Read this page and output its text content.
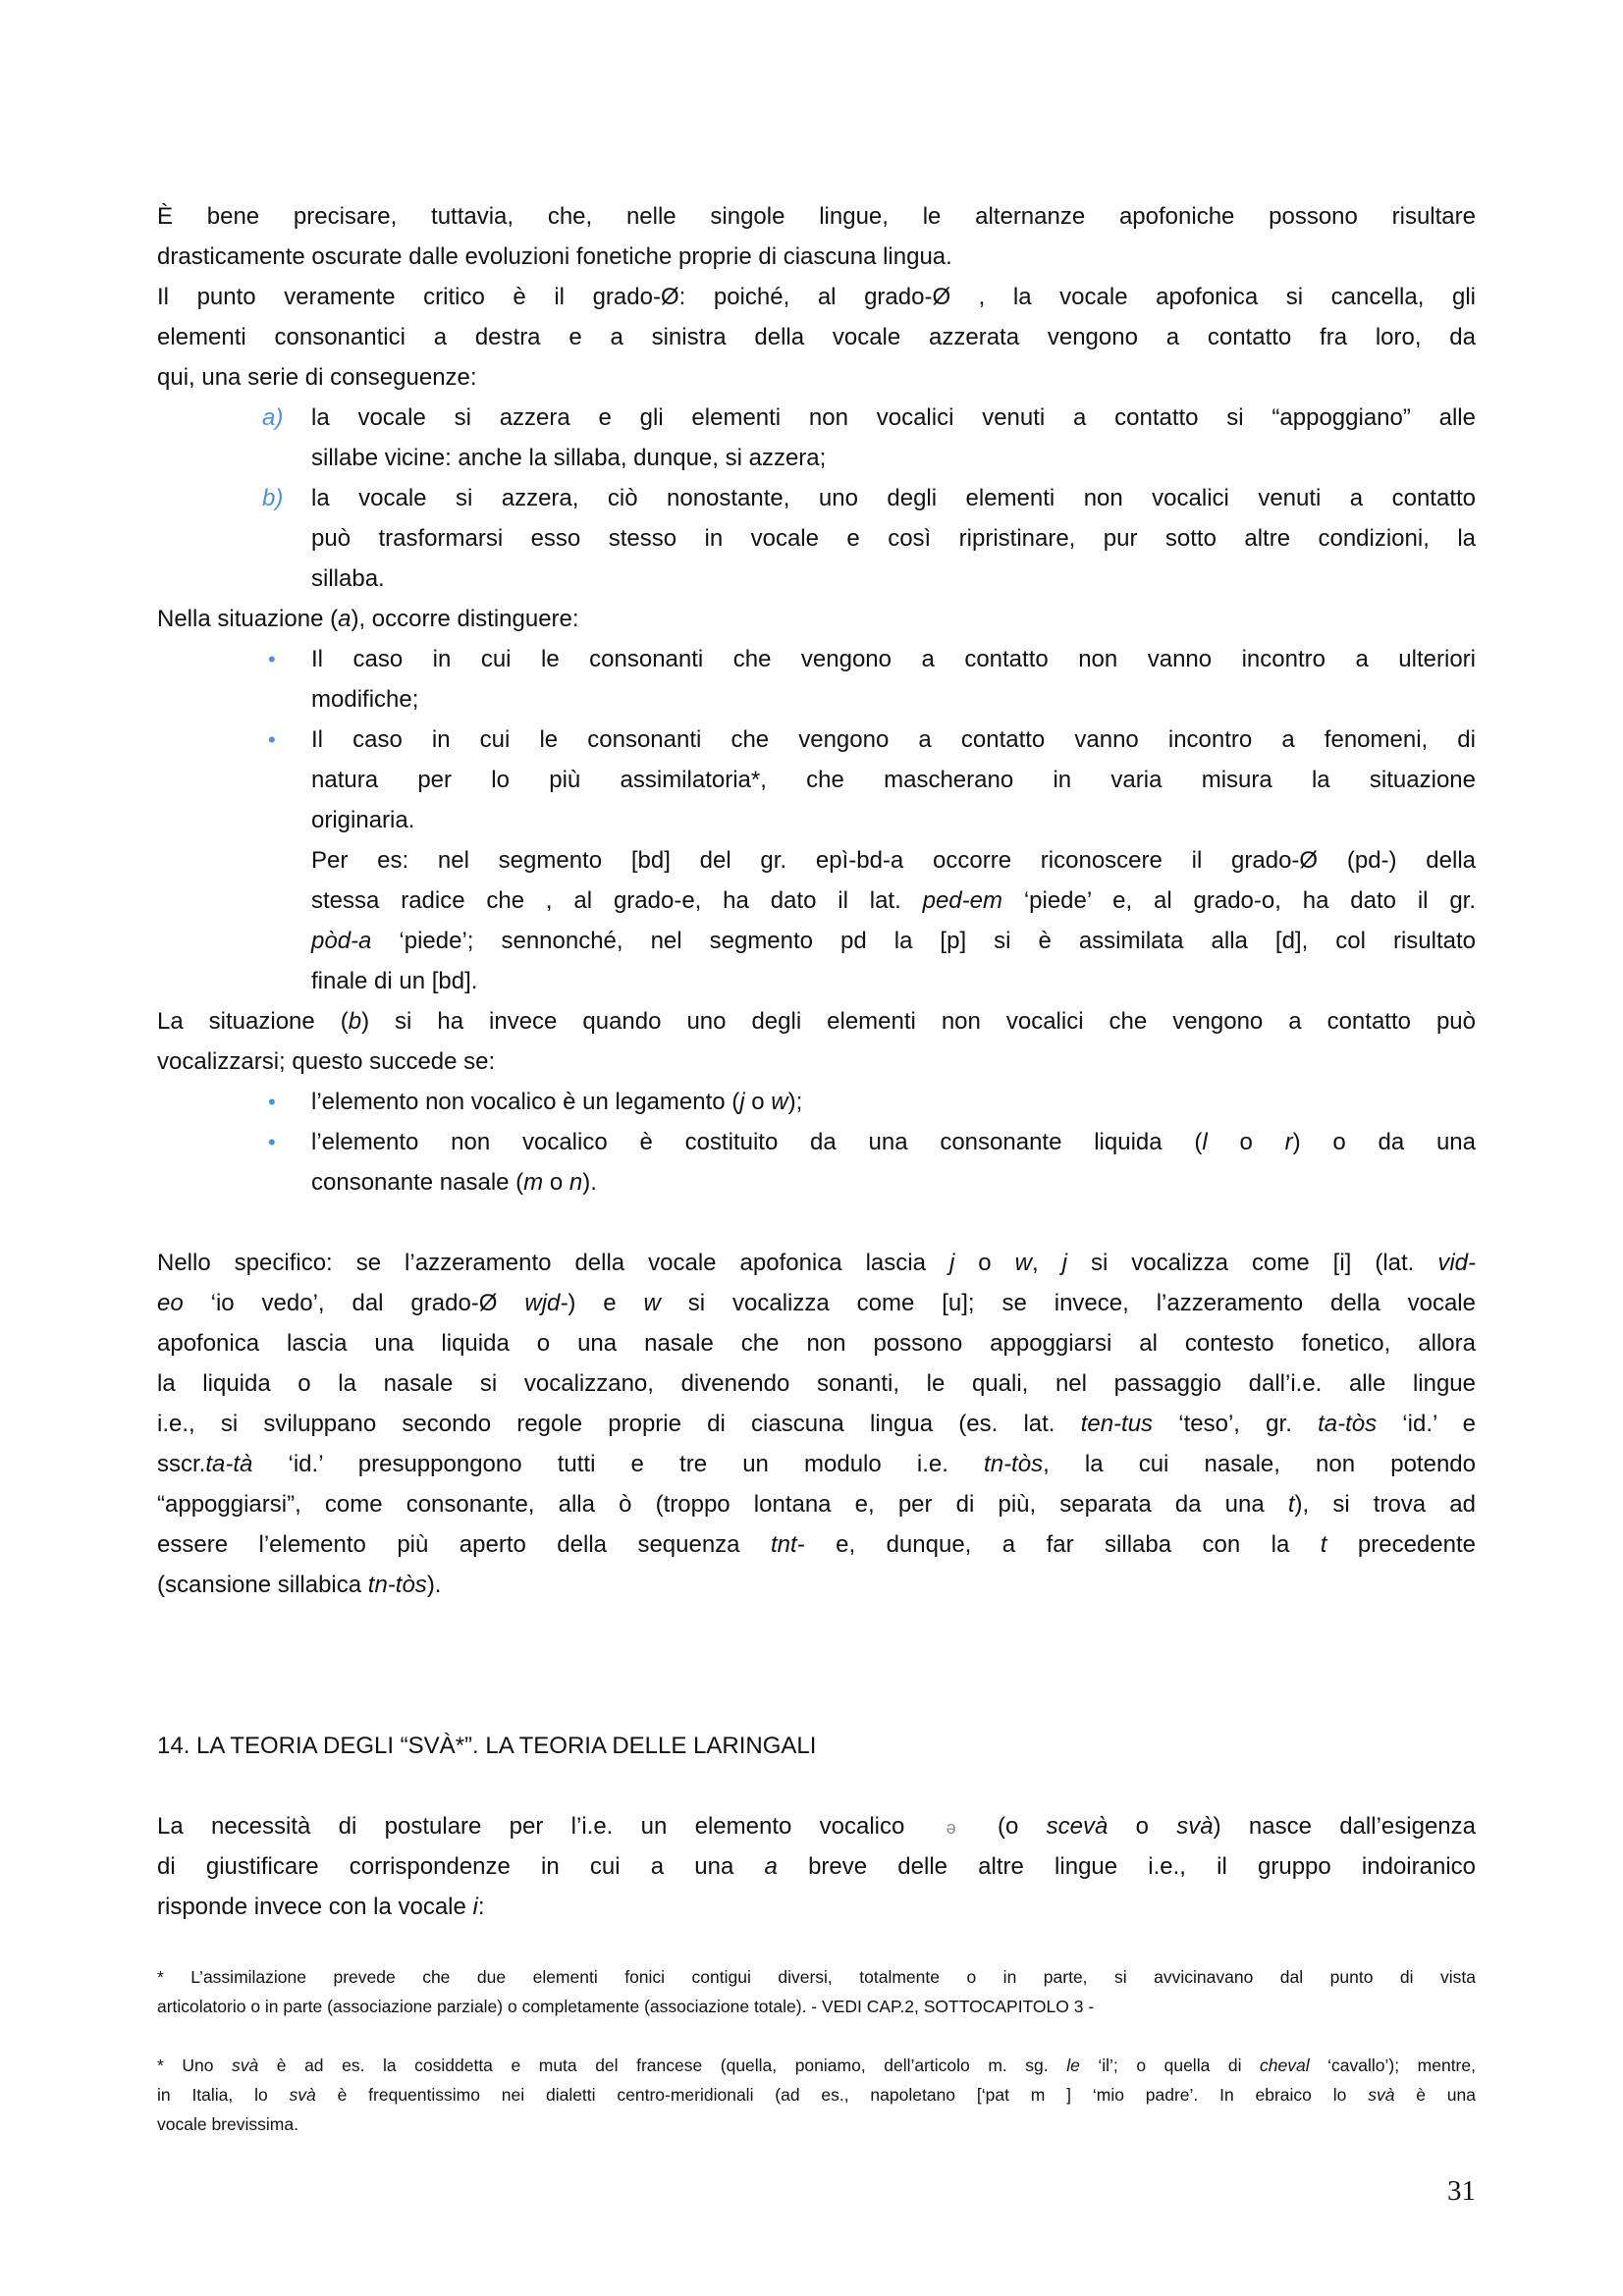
È bene precisare, tuttavia, che, nelle singole lingue, le alternanze apofoniche possono risultare
drasticamente oscurate dalle evoluzioni fonetiche proprie di ciascuna lingua.
Il punto veramente critico è il grado-Ø: poiché, al grado-Ø , la vocale apofonica si cancella, gli
elementi consonantici a destra e a sinistra della vocale azzerata vengono a contatto fra loro, da
qui, una serie di conseguenze:
a) la vocale si azzera e gli elementi non vocalici venuti a contatto si “appoggiano” alle
sillabe vicine: anche la sillaba, dunque, si azzera;
b) la vocale si azzera, ciò nonostante, uno degli elementi non vocalici venuti a contatto
può trasformarsi esso stesso in vocale e così ripristinare, pur sotto altre condizioni, la
sillaba.
Nella situazione (a), occorre distinguere:
• Il caso in cui le consonanti che vengono a contatto non vanno incontro a ulteriori
modifiche;
• Il caso in cui le consonanti che vengono a contatto vanno incontro a fenomeni, di
natura per lo più assimilatoria*, che mascherano in varia misura la situazione
originaria.
Per es: nel segmento [bd] del gr. epì-bd-a occorre riconoscere il grado-Ø (pd-) della
stessa radice che , al grado-e, ha dato il lat. ped-em ‘piede’ e, al grado-o, ha dato il gr.
pòd-a ‘piede’; sennonché, nel segmento pd la [p] si è assimilata alla [d], col risultato
finale di un [bd].
La situazione (b) si ha invece quando uno degli elementi non vocalici che vengono a contatto può
vocalizzarsi; questo succede se:
• l’elemento non vocalico è un legamento (j o w);
• l’elemento non vocalico è costituito da una consonante liquida (l o r) o da una
consonante nasale (m o n).
Nello specifico: se l’azzeramento della vocale apofonica lascia j o w, j si vocalizza come [i] (lat. vid-
eo ‘io vedo’, dal grado-Ø wjd-) e w si vocalizza come [u]; se invece, l’azzeramento della vocale
apofonica lascia una liquida o una nasale che non possono appoggiarsi al contesto fonetico, allora
la liquida o la nasale si vocalizzano, divenendo sonanti, le quali, nel passaggio dall’i.e. alle lingue
i.e., si sviluppano secondo regole proprie di ciascuna lingua (es. lat. ten-tus ‘teso’, gr. ta-tòs ‘id.’ e
sscr.ta-tà ‘id.’ presuppongono tutti e tre un modulo i.e. tn-tòs, la cui nasale, non potendo
“appoggiarsi”, come consonante, alla ò (troppo lontana e, per di più, separata da una t), si trova ad
essere l’elemento più aperto della sequenza tnt- e, dunque, a far sillaba con la t precedente
(scansione sillabica tn-tòs).
14. LA TEORIA DEGLI “SVÀ*”. LA TEORIA DELLE LARINGALI
La necessità di postulare per l’i.e. un elemento vocalico ə (o scevà o svà) nasce dall’esigenza
di giustificare corrispondenze in cui a una a breve delle altre lingue i.e., il gruppo indoiranico
risponde invece con la vocale i:
* L’assimilazione prevede che due elementi fonici contigui diversi, totalmente o in parte, si avvicinavano dal punto di vista
articolatorio o in parte (associazione parziale) o completamente (associazione totale). - VEDI CAP.2, SOTTOCAPITOLO 3 -
* Uno svà è ad es. la cosiddetta e muta del francese (quella, poniamo, dell’articolo m. sg. le ‘il’; o quella di cheval ‘cavallo’); mentre,
in Italia, lo svà è frequentissimo nei dialetti centro-meridionali (ad es., napoletano [‘pat m ] ‘mio padre’. In ebraico lo svà è una
vocale brevissima.
31
